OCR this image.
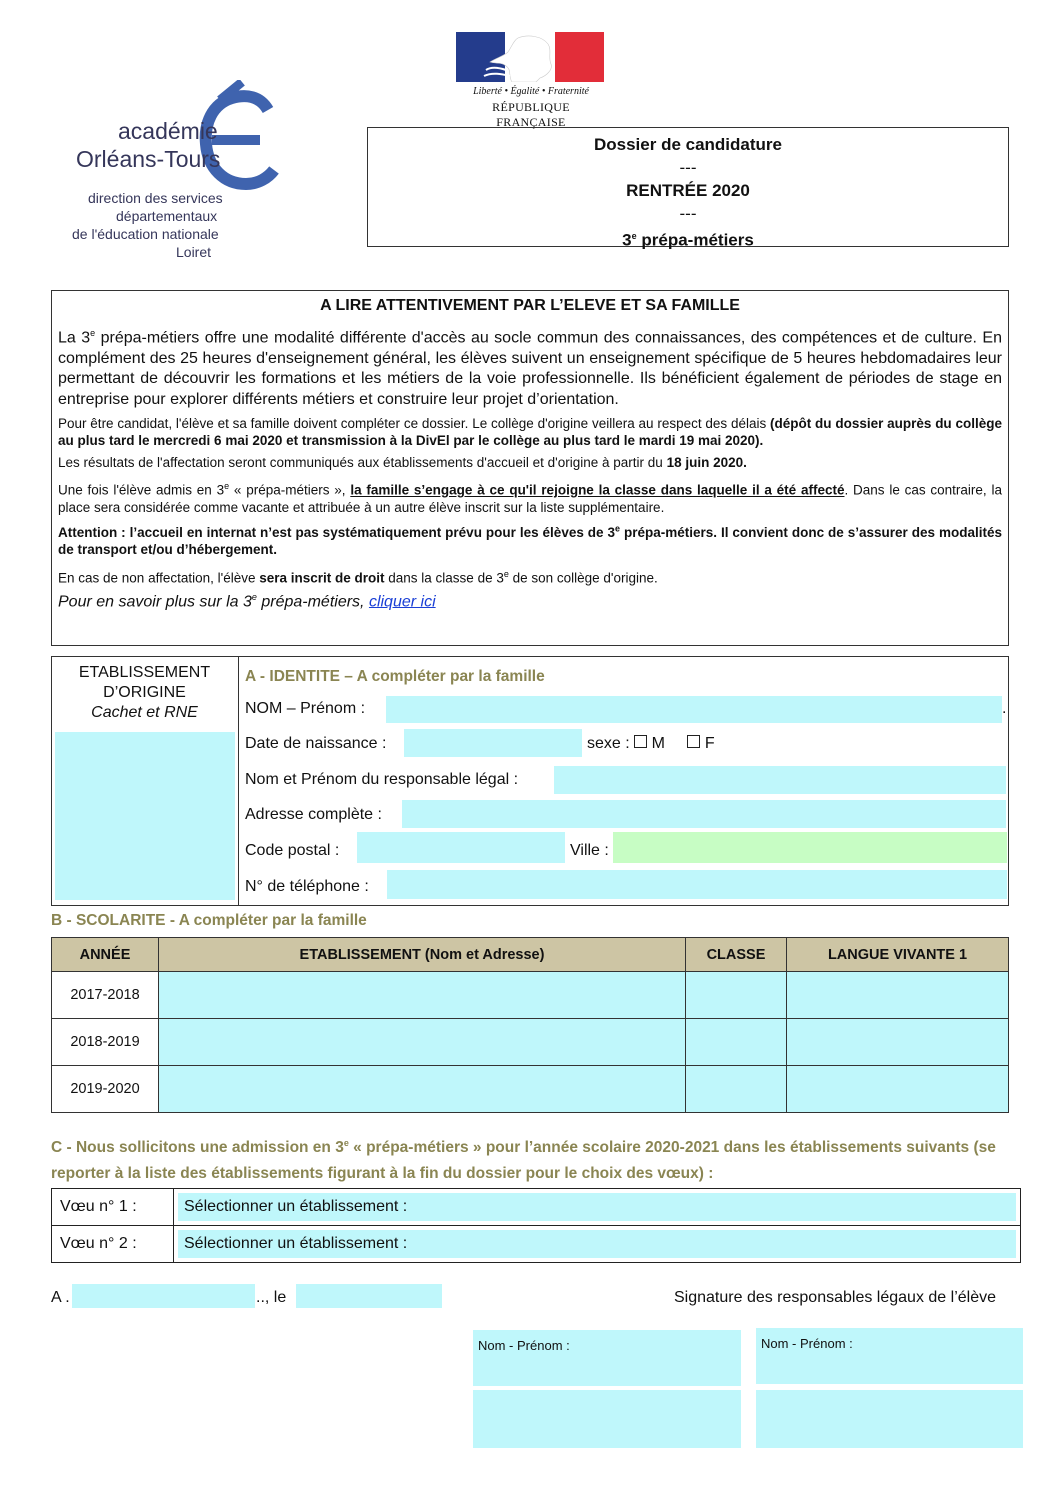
Liberté • Égalité • Fraternité
RÉPUBLIQUE FRANÇAISE
académie
Orléans-Tours
direction des services
départementaux
de l'éducation nationale
Loiret
Dossier de candidature
---
RENTRÉE 2020
---
3e prépa-métiers

A LIRE ATTENTIVEMENT PAR L’ELEVE ET SA FAMILLE

La 3e prépa-métiers offre une modalité différente d'accès au socle commun des connaissances, des compétences et de culture. En complément des 25 heures d'enseignement général, les élèves suivent un enseignement spécifique de 5 heures hebdomadaires leur permettant de découvrir les formations et les métiers de la voie professionnelle. Ils bénéficient également de périodes de stage en entreprise pour explorer différents métiers et construire leur projet d’orientation.

Pour être candidat, l'élève et sa famille doivent compléter ce dossier. Le collège d'origine veillera au respect des délais (dépôt du dossier auprès du collège au plus tard le mercredi 6 mai 2020 et transmission à la DivEl par le collège au plus tard le mardi 19 mai 2020).

Les résultats de l'affectation seront communiqués aux établissements d'accueil et d'origine à partir du 18 juin 2020.

Une fois l'élève admis en 3e « prépa-métiers », la famille s’engage à ce qu'il rejoigne la classe dans laquelle il a été affecté. Dans le cas contraire, la place sera considérée comme vacante et attribuée à un autre élève inscrit sur la liste supplémentaire.

Attention : l’accueil en internat n’est pas systématiquement prévu pour les élèves de 3e prépa-métiers. Il convient donc de s’assurer des modalités de transport et/ou d’hébergement.

En cas de non affectation, l'élève sera inscrit de droit dans la classe de 3e de son collège d'origine.

Pour en savoir plus sur la 3e prépa-métiers, cliquer ici

ETABLISSEMENT
D’ORIGINE
Cachet et RNE
A - IDENTITE – A compléter par la famille
NOM – Prénom :	.
Date de naissance :	sexe :  M F
Nom et Prénom du responsable légal :
Adresse complète :
Code postal :	Ville :
N° de téléphone :
B - SCOLARITE - A compléter par la famille
ANNÉE	ETABLISSEMENT (Nom et Adresse)	CLASSE	LANGUE VIVANTE 1
2017-2018			
2018-2019			
2019-2020			
C - Nous sollicitons une admission en 3e « prépa-métiers » pour l’année scolaire 2020-2021 dans les établissements suivants (se reporter à la liste des établissements figurant à la fin du dossier pour le choix des vœux) :
Vœu n° 1 :	Sélectionner un établissement :

Vœu n° 2 :	Sélectionner un établissement :
A .	.., le	Signature des responsables légaux de l’élève
Nom - Prénom :	Nom - Prénom :
